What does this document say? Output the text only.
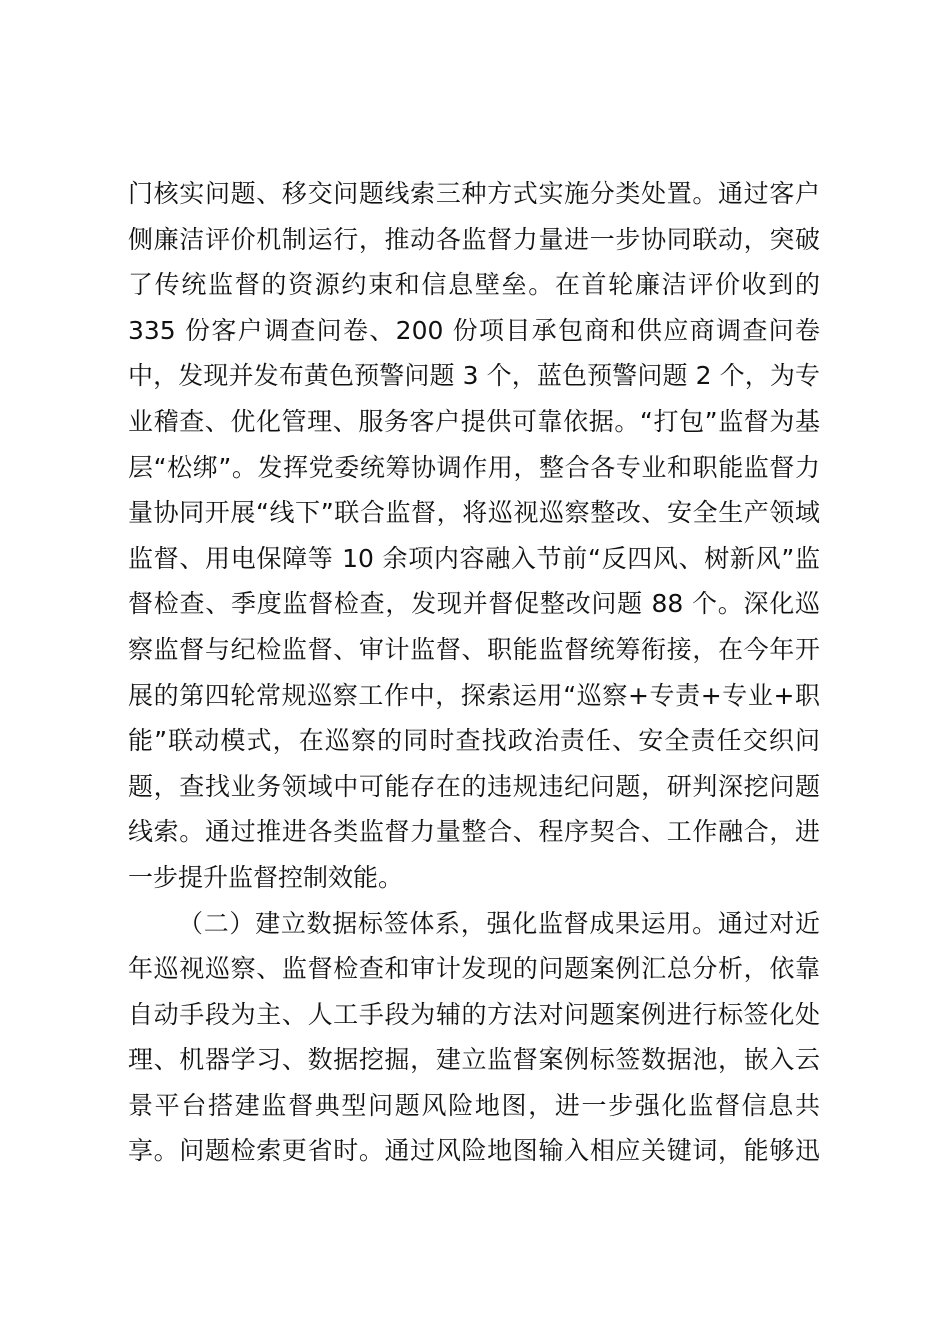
门核实问题、移交问题线索三种方式实施分类处置。通过客户
侧廉洁评价机制运行，推动各监督力量进一步协同联动，突破
了传统监督的资源约束和信息壁垒。在首轮廉洁评价收到的
335 份客户调查问卷、200 份项目承包商和供应商调查问卷
中，发现并发布黄色预警问题 3 个，蓝色预警问题 2 个，为专
业稽查、优化管理、服务客户提供可靠依据。“打包”监督为基
层“松绑”。发挥党委统筹协调作用，整合各专业和职能监督力
量协同开展“线下”联合监督，将巡视巡察整改、安全生产领域
监督、用电保障等 10 余项内容融入节前“反四风、树新风”监
督检查、季度监督检查，发现并督促整改问题 88 个。深化巡
察监督与纪检监督、审计监督、职能监督统筹衔接，在今年开
展的第四轮常规巡察工作中，探索运用“巡察+专责+专业+职
能”联动模式，在巡察的同时查找政治责任、安全责任交织问
题，查找业务领域中可能存在的违规违纪问题，研判深挖问题
线索。通过推进各类监督力量整合、程序契合、工作融合，进
一步提升监督控制效能。
（二）建立数据标签体系，强化监督成果运用。通过对近
年巡视巡察、监督检查和审计发现的问题案例汇总分析，依靠
自动手段为主、人工手段为辅的方法对问题案例进行标签化处
理、机器学习、数据挖掘，建立监督案例标签数据池，嵌入云
景平台搭建监督典型问题风险地图，进一步强化监督信息共
享。问题检索更省时。通过风险地图输入相应关键词，能够迅
